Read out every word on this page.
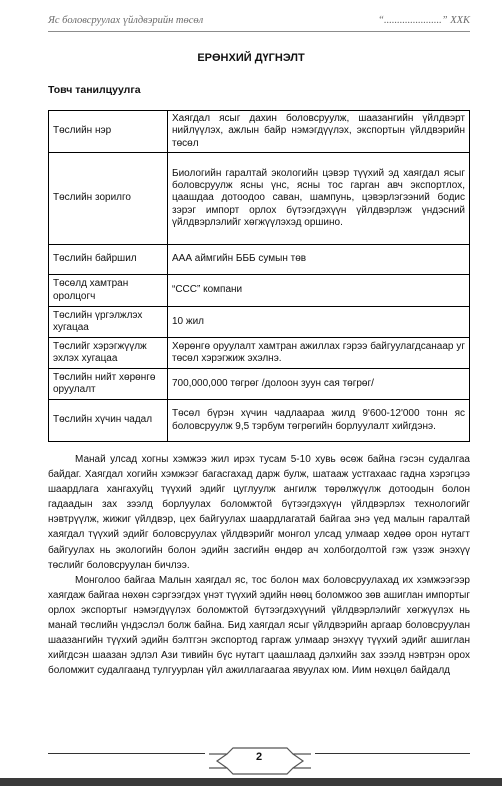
Яс боловсруулах үйлдвэрийн төсөл	“......................” ХХК
ЕРӨНХИЙ ДҮГНЭЛТ
Товч танилцуулга
Төслийн нэр	Хаягдал ясыг дахин боловсруулж, шаазангийн үйлдвэрт нийлүүлэх, ажлын байр нэмэгдүүлэх, экспортын үйлдвэрийн төсөл
Төслийн зорилго	Биологийн гаралтай экологийн цэвэр түүхий эд хаягдал ясыг боловсруулж ясны үнс, ясны тос гарган авч экспортлох, цаашдаа дотоодоо саван, шампунь, цэвэрлэгээний бодис зэрэг импорт орлох бүтээгдэхүүн үйлдвэрлэж үндэсний үйлдвэрлэлийг хөгжүүлэхэд оршино.
Төслийн байршил	ААА аймгийн БББ сумын төв
Төсөлд хамтран оролцогч	“ССС” компани
Төслийн үргэлжлэх хугацаа	10 жил
Төслийг хэрэгжүүлж эхлэх хугацаа	Хөрөнгө оруулалт хамтран ажиллах гэрээ байгуулагдсанаар уг төсөл хэрэгжиж эхэлнэ.
Төслийн нийт хөрөнгө оруулалт	700,000,000 төгрөг /долоон зуун сая төгрөг/
Төслийн хүчин чадал	Төсөл бүрэн хүчин чадлаараа жилд 9'600-12'000 тонн яс боловсруулж 9,5 тэрбум төгрөгийн борлуулалт хийгдэнэ.

Манай улсад хогны хэмжээ жил ирэх тусам 5-10 хувь өсөж байна гэсэн судалгаа байдаг. Хаягдал хогийн хэмжээг багасгахад дарж булж, шатааж устгахаас гадна хэрэгцээ шаардлага хангахуйц түүхий эдийг цуглуулж ангилж төрөлжүүлж дотоодын болон гадаадын зах зээлд борлуулах боломжтой бүтээгдэхүүн үйлдвэрлэх технологийг нэвтрүүлж, жижиг үйлдвэр, цех байгуулах шаардлагатай байгаа энэ үед малын гаралтай хаягдал түүхий эдийг боловсруулах үйлдвэрийг монгол улсад улмаар хөдөө орон нутагт байгуулах нь экологийн болон эдийн засгийн өндөр ач холбогдолтой гэж үзэж энэхүү төслийг боловсруулан бичлээ.

Монголоо байгаа Малын хаягдал яс, тос болон мах боловсруулахад их хэмжээгээр хаягдаж байгаа нөхөн сэргээгдэх үнэт түүхий эдийн нөөц боломжоо зөв ашиглан импортыг орлох экспортыг нэмэгдүүлэх боломжтой бүтээгдэхүүний үйлдвэрлэлийг хөгжүүлэх нь манай төслийн үндэслэл болж байна. Бид хаягдал ясыг үйлдвэрийн аргаар боловсруулан шаазангийн түүхий эдийн бэлтгэн экспортод гаргаж улмаар энэхүү түүхий эдийг ашиглан хийгдсэн шаазан эдлэл Ази тивийн бүс нутагт цаашлаад дэлхийн зах зээлд нэвтрэн орох боломжит судалгаанд тулгуурлан үйл ажиллагаагаа явуулах юм. Иим нөхцөл байдалд

2
